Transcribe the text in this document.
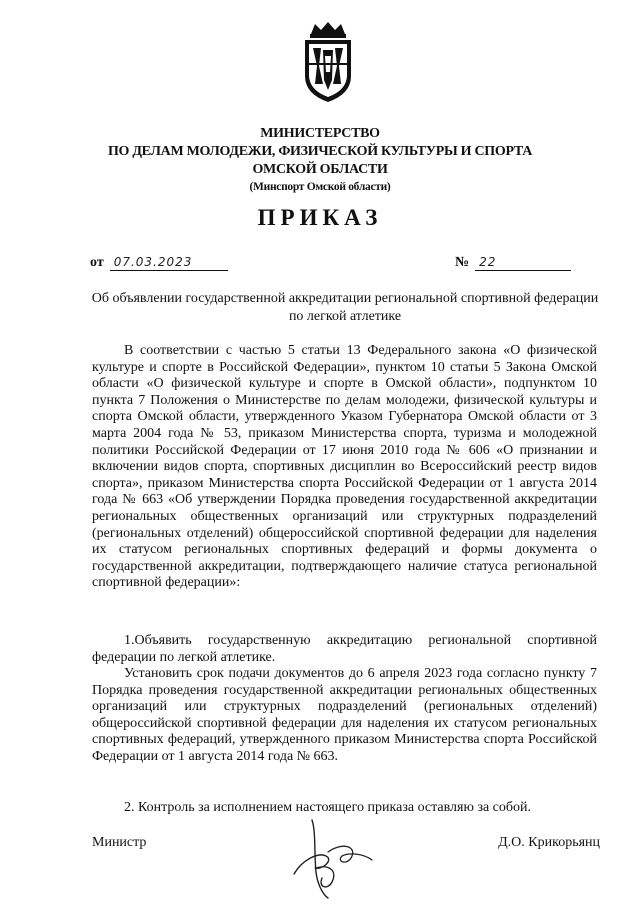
МИНИСТЕРСТВО
ПО ДЕЛАМ МОЛОДЕЖИ, ФИЗИЧЕСКОЙ КУЛЬТУРЫ И СПОРТА
ОМСКОЙ ОБЛАСТИ
(Минспорт Омской области)
ПРИКАЗ
от 07.03.2023	№ 22
Об объявлении государственной аккредитации региональной спортивной федерации по легкой атлетике

В соответствии с частью 5 статьи 13 Федерального закона «О физической культуре и спорте в Российской Федерации», пунктом 10 статьи 5 Закона Омской области «О физической культуре и спорте в Омской области», подпунктом 10 пункта 7 Положения о Министерстве по делам молодежи, физической культуры и спорта Омской области, утвержденного Указом Губернатора Омской области от 3 марта 2004 года № 53, приказом Министерства спорта, туризма и молодежной политики Российской Федерации от 17 июня 2010 года № 606 «О признании и включении видов спорта, спортивных дисциплин во Всероссийский реестр видов спорта», приказом Министерства спорта Российской Федерации от 1 августа 2014 года № 663 «Об утверждении Порядка проведения государственной аккредитации региональных общественных организаций или структурных подразделений (региональных отделений) общероссийской спортивной федерации для наделения их статусом региональных спортивных федераций и формы документа о государственной аккредитации, подтверждающего наличие статуса региональной спортивной федерации»:

1.Объявить государственную аккредитацию региональной спортивной федерации по легкой атлетике.

Установить срок подачи документов до 6 апреля 2023 года согласно пункту 7 Порядка проведения государственной аккредитации региональных общественных организаций или структурных подразделений (региональных отделений) общероссийской спортивной федерации для наделения их статусом региональных спортивных федераций, утвержденного приказом Министерства спорта Российской Федерации от 1 августа 2014 года № 663.

2. Контроль за исполнением настоящего приказа оставляю за собой.

Министр	Д.О. Крикорьянц
